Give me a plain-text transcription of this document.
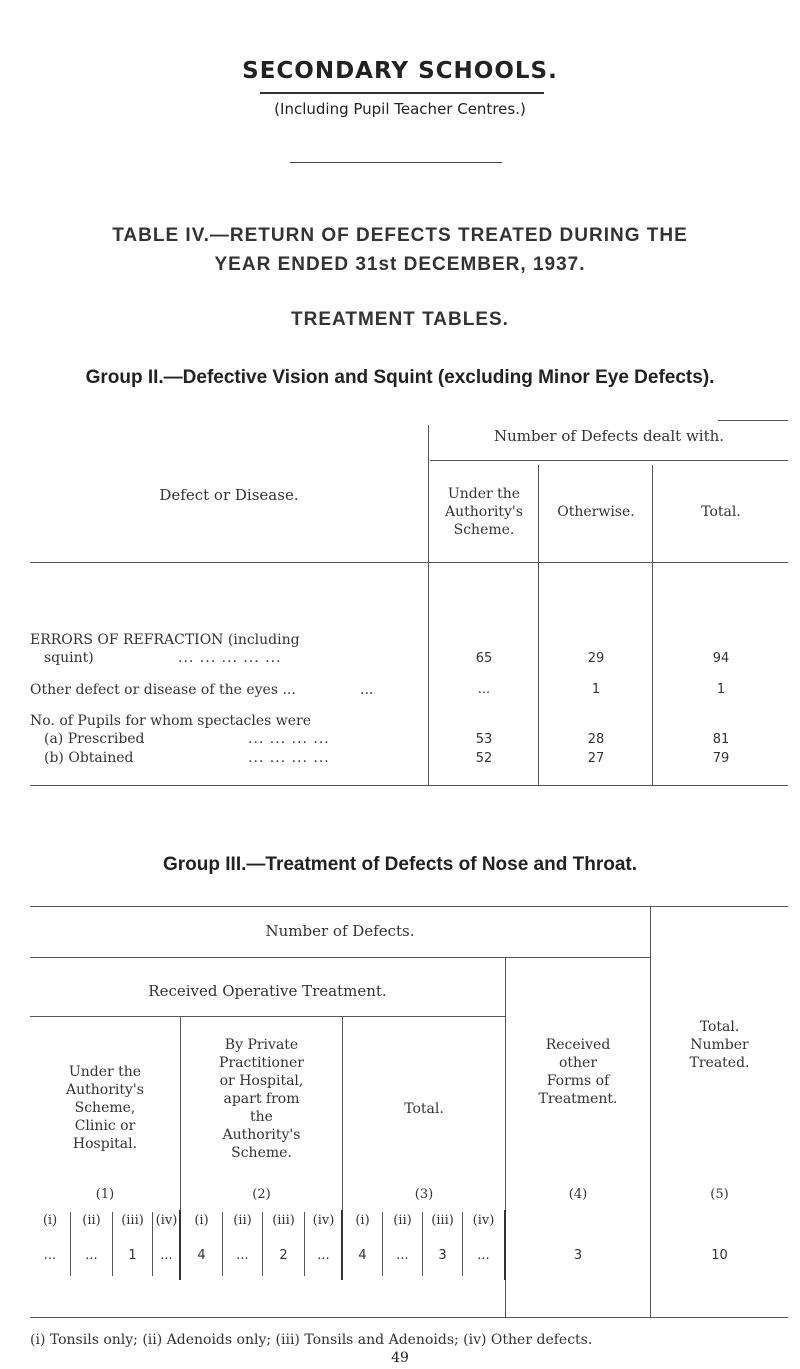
SECONDARY SCHOOLS.
(Including Pupil Teacher Centres.)
TABLE IV.—RETURN OF DEFECTS TREATED DURING THE
YEAR ENDED 31st DECEMBER, 1937.
TREATMENT TABLES.
Group II.—Defective Vision and Squint (excluding Minor Eye Defects).
Number of Defects dealt with.
Defect or Disease.	Under the
Authority's
Scheme.
Otherwise.	Total.
ERRORS OF REFRACTION (including
squint)	... ... ... ... ...	65	29	94
Other defect or disease of the eyes ...	...	...	1	1
No. of Pupils for whom spectacles were
(a) Prescribed	... ... ... ...	53	28	81
(b) Obtained	... ... ... ...	52	27	79
Group III.—Treatment of Defects of Nose and Throat.
Number of Defects.
Received Operative Treatment.
Under the
Authority's
Scheme,
Clinic or
Hospital.
By Private
Practitioner
or Hospital,
apart from
the
Authority's
Scheme.
Total.
Received
other
Forms of
Treatment.
Total.
Number
Treated.
(1)	(2)	(3)	(4)	(5)
(i)	(ii)	(iii) (iv)	(i)	(ii)	(iii)	(iv)	(i)	(ii)	(iii)	(iv)
...	...	1	...	4	...	2	...	4	...	3	...	3	10
(i) Tonsils only; (ii) Adenoids only; (iii) Tonsils and Adenoids; (iv) Other defects.
49
